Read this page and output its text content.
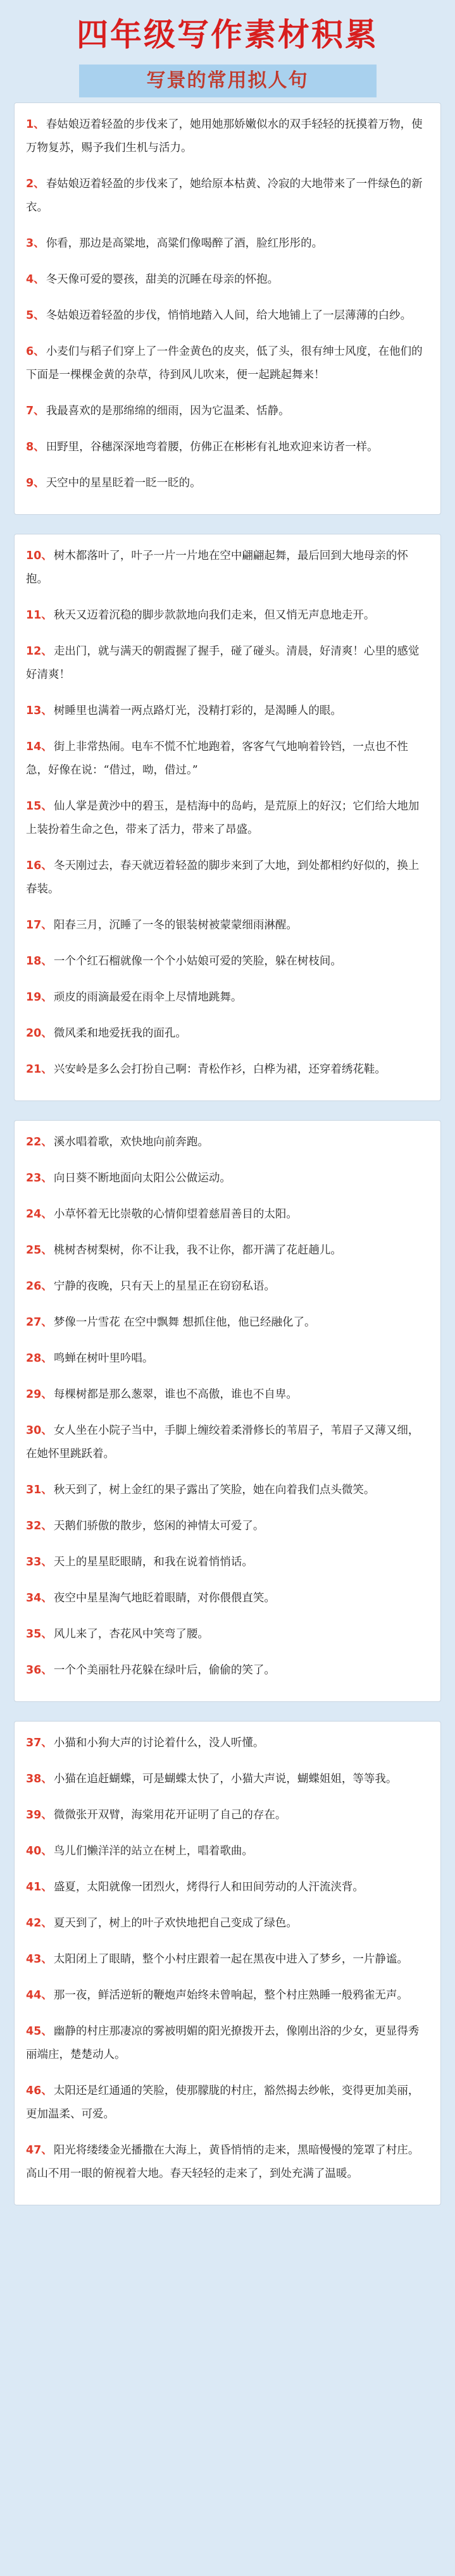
四年级写作素材积累
写景的常用拟人句

1、 春姑娘迈着轻盈的步伐来了，她用她那娇嫩似水的双手轻轻的抚摸着万物，使万物复苏，赐予我们生机与活力。

2、 春姑娘迈着轻盈的步伐来了，她给原本枯黄、冷寂的大地带来了一件绿色的新衣。

3、 你看，那边是高粱地，高粱们像喝醉了酒，脸红彤彤的。

4、 冬天像可爱的婴孩，甜美的沉睡在母亲的怀抱。

5、 冬姑娘迈着轻盈的步伐，悄悄地踏入人间，给大地铺上了一层薄薄的白纱。

6、 小麦们与稻子们穿上了一件金黄色的皮夹，低了头，很有绅士风度，在他们的下面是一棵棵金黄的杂草，待到风儿吹来，便一起跳起舞来！

7、 我最喜欢的是那绵绵的细雨，因为它温柔、恬静。

8、 田野里，谷穗深深地弯着腰，仿佛正在彬彬有礼地欢迎来访者一样。

9、 天空中的星星眨着一眨一眨的。

10、 树木都落叶了，叶子一片一片地在空中翩翩起舞，最后回到大地母亲的怀抱。

11、 秋天又迈着沉稳的脚步款款地向我们走来，但又悄无声息地走开。

12、 走出门，就与满天的朝霞握了握手，碰了碰头。清晨，好清爽！心里的感觉好清爽！

13、 树睡里也满着一两点路灯光，没精打彩的，是渴睡人的眼。

14、 街上非常热闹。电车不慌不忙地跑着，客客气气地响着铃铛，一点也不性急，好像在说：“借过，呦，借过。”

15、 仙人掌是黄沙中的碧玉，是桔海中的岛屿，是荒原上的好汉；它们给大地加上装扮着生命之色，带来了活力，带来了昂盛。

16、 冬天刚过去，春天就迈着轻盈的脚步来到了大地，到处都相约好似的，换上春装。

17、 阳春三月，沉睡了一冬的银装树被蒙蒙细雨淋醒。

18、 一个个红石榴就像一个个小姑娘可爱的笑脸，躲在树枝间。

19、 顽皮的雨滴最爱在雨伞上尽情地跳舞。

20、 微风柔和地爱抚我的面孔。

21、 兴安岭是多么会打扮自己啊：青松作衫，白桦为裙，还穿着绣花鞋。

22、 溪水唱着歌，欢快地向前奔跑。

23、 向日葵不断地面向太阳公公做运动。

24、 小草怀着无比崇敬的心情仰望着慈眉善目的太阳。

25、 桃树杏树梨树，你不让我，我不让你，都开满了花赶趟儿。

26、 宁静的夜晚，只有天上的星星正在窃窃私语。

27、 梦像一片雪花 在空中飘舞 想抓住他，他已经融化了。

28、 鸣蝉在树叶里吟唱。

29、 每棵树都是那么葱翠，谁也不高傲，谁也不自卑。

30、 女人坐在小院子当中，手脚上缠绞着柔滑修长的苇眉子，苇眉子又薄又细，在她怀里跳跃着。

31、 秋天到了，树上金红的果子露出了笑脸，她在向着我们点头微笑。

32、 天鹅们骄傲的散步，悠闲的神情太可爱了。

33、 天上的星星眨眼睛，和我在说着悄悄话。

34、 夜空中星星淘气地眨着眼睛，对你偎偎直笑。

35、 风儿来了，杏花风中笑弯了腰。

36、 一个个美丽牡丹花躲在绿叶后，偷偷的笑了。

37、 小猫和小狗大声的讨论着什么，没人听懂。

38、 小猫在追赶蝴蝶，可是蝴蝶太快了，小猫大声说，蝴蝶姐姐，等等我。

39、 微微张开双臂，海棠用花开证明了自己的存在。

40、 鸟儿们懒洋洋的站立在树上，唱着歌曲。

41、 盛夏，太阳就像一团烈火，烤得行人和田间劳动的人汗流浃背。

42、 夏天到了，树上的叶子欢快地把自己变成了绿色。

43、 太阳闭上了眼睛，整个小村庄跟着一起在黑夜中进入了梦乡，一片静谧。

44、 那一夜，鲜活逆斩的鞭炮声始终未曾响起，整个村庄熟睡一般鸦雀无声。

45、 幽静的村庄那凄凉的雾被明媚的阳光撩拨开去，像刚出浴的少女，更显得秀丽端庄，楚楚动人。

46、 太阳还是红通通的笑脸，使那朦胧的村庄，豁然揭去纱帐，变得更加美丽，更加温柔、可爱。

47、 阳光将缕缕金光播撒在大海上，黄昏悄悄的走来，黑暗慢慢的笼罩了村庄。高山不用一眼的俯视着大地。春天轻轻的走来了，到处充满了温暖。
